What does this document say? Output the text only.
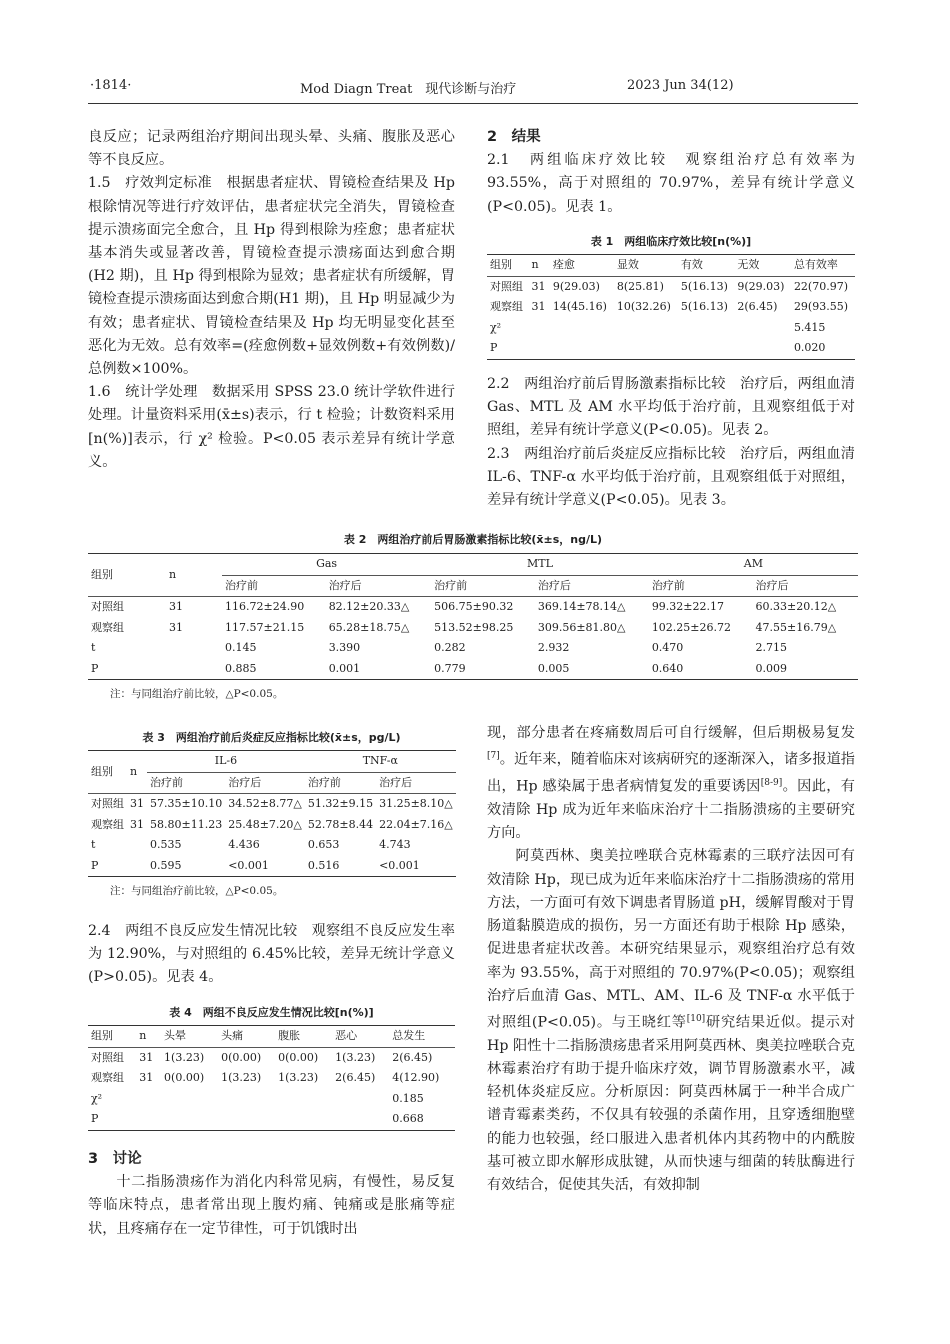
·1814·	Mod Diagn Treat　现代诊断与治疗	2023 Jun 34(12)

良反应；记录两组治疗期间出现头晕、头痛、腹胀及恶心等不良反应。

1.5　疗效判定标准　根据患者症状、胃镜检查结果及 Hp 根除情况等进行疗效评估，患者症状完全消失，胃镜检查提示溃疡面完全愈合，且 Hp 得到根除为痊愈；患者症状基本消失或显著改善，胃镜检查提示溃疡面达到愈合期(H2 期)，且 Hp 得到根除为显效；患者症状有所缓解，胃镜检查提示溃疡面达到愈合期(H1 期)，且 Hp 明显减少为有效；患者症状、胃镜检查结果及 Hp 均无明显变化甚至恶化为无效。总有效率=(痊愈例数+显效例数+有效例数)/总例数×100%。

1.6　统计学处理　数据采用 SPSS 23.0 统计学软件进行处理。计量资料采用(x̄±s)表示，行 t 检验；计数资料采用[n(%)]表示，行 χ² 检验。P<0.05 表示差异有统计学意义。

2　结果

2.1　两组临床疗效比较　观察组治疗总有效率为 93.55%，高于对照组的 70.97%，差异有统计学意义(P<0.05)。见表 1。

表 1　两组临床疗效比较[n(%)]
组别	n	痊愈	显效	有效	无效	总有效率
对照组	31	9(29.03)	8(25.81)	5(16.13)	9(29.03)	22(70.97)
观察组	31	14(45.16)	10(32.26)	5(16.13)	2(6.45)	29(93.55)
χ²						5.415
P						0.020

2.2　两组治疗前后胃肠激素指标比较　治疗后，两组血清 Gas、MTL 及 AM 水平均低于治疗前，且观察组低于对照组，差异有统计学意义(P<0.05)。见表 2。

2.3　两组治疗前后炎症反应指标比较　治疗后，两组血清 IL-6、TNF-α 水平均低于治疗前，且观察组低于对照组，差异有统计学意义(P<0.05)。见表 3。

表 2　两组治疗前后胃肠激素指标比较(x̄±s，ng/L)
组别	n	Gas		MTL		AM	
		治疗前	治疗后	治疗前	治疗后	治疗前	治疗后
对照组	31	116.72±24.90	82.12±20.33△	506.75±90.32	369.14±78.14△	99.32±22.17	60.33±20.12△
观察组	31	117.57±21.15	65.28±18.75△	513.52±98.25	309.56±81.80△	102.25±26.72	47.55±16.79△
t		0.145	3.390	0.282	2.932	0.470	2.715
P		0.885	0.001	0.779	0.005	0.640	0.009
注：与同组治疗前比较，△P<0.05。
表 3　两组治疗前后炎症反应指标比较(x̄±s，pg/L)
组别	n	IL-6		TNF-α	
		治疗前	治疗后	治疗前	治疗后
对照组	31	57.35±10.10	34.52±8.77△	51.32±9.15	31.25±8.10△
观察组	31	58.80±11.23	25.48±7.20△	52.78±8.44	22.04±7.16△
t		0.535	4.436	0.653	4.743
P		0.595	<0.001	0.516	<0.001
注：与同组治疗前比较，△P<0.05。

2.4　两组不良反应发生情况比较　观察组不良反应发生率为 12.90%，与对照组的 6.45%比较，差异无统计学意义(P>0.05)。见表 4。

表 4　两组不良反应发生情况比较[n(%)]
组别	n	头晕	头痛	腹胀	恶心	总发生
对照组	31	1(3.23)	0(0.00)	0(0.00)	1(3.23)	2(6.45)
观察组	31	0(0.00)	1(3.23)	1(3.23)	2(6.45)	4(12.90)
χ²						0.185
P						0.668

3　讨论

十二指肠溃疡作为消化内科常见病，有慢性，易反复等临床特点，患者常出现上腹灼痛、钝痛或是胀痛等症状，且疼痛存在一定节律性，可于饥饿时出

现，部分患者在疼痛数周后可自行缓解，但后期极易复发[7]。近年来，随着临床对该病研究的逐渐深入，诸多报道指出，Hp 感染属于患者病情复发的重要诱因[8-9]。因此，有效清除 Hp 成为近年来临床治疗十二指肠溃疡的主要研究方向。

阿莫西林、奥美拉唑联合克林霉素的三联疗法因可有效清除 Hp，现已成为近年来临床治疗十二指肠溃疡的常用方法，一方面可有效下调患者胃肠道 pH，缓解胃酸对于胃肠道黏膜造成的损伤，另一方面还有助于根除 Hp 感染，促进患者症状改善。本研究结果显示，观察组治疗总有效率为 93.55%，高于对照组的 70.97%(P<0.05)；观察组治疗后血清 Gas、MTL、AM、IL-6 及 TNF-α 水平低于对照组(P<0.05)。与王晓红等[10]研究结果近似。提示对 Hp 阳性十二指肠溃疡患者采用阿莫西林、奥美拉唑联合克林霉素治疗有助于提升临床疗效，调节胃肠激素水平，减轻机体炎症反应。分析原因：阿莫西林属于一种半合成广谱青霉素类药，不仅具有较强的杀菌作用，且穿透细胞壁的能力也较强，经口服进入患者机体内其药物中的内酰胺基可被立即水解形成肽键，从而快速与细菌的转肽酶进行有效结合，促使其失活，有效抑制
